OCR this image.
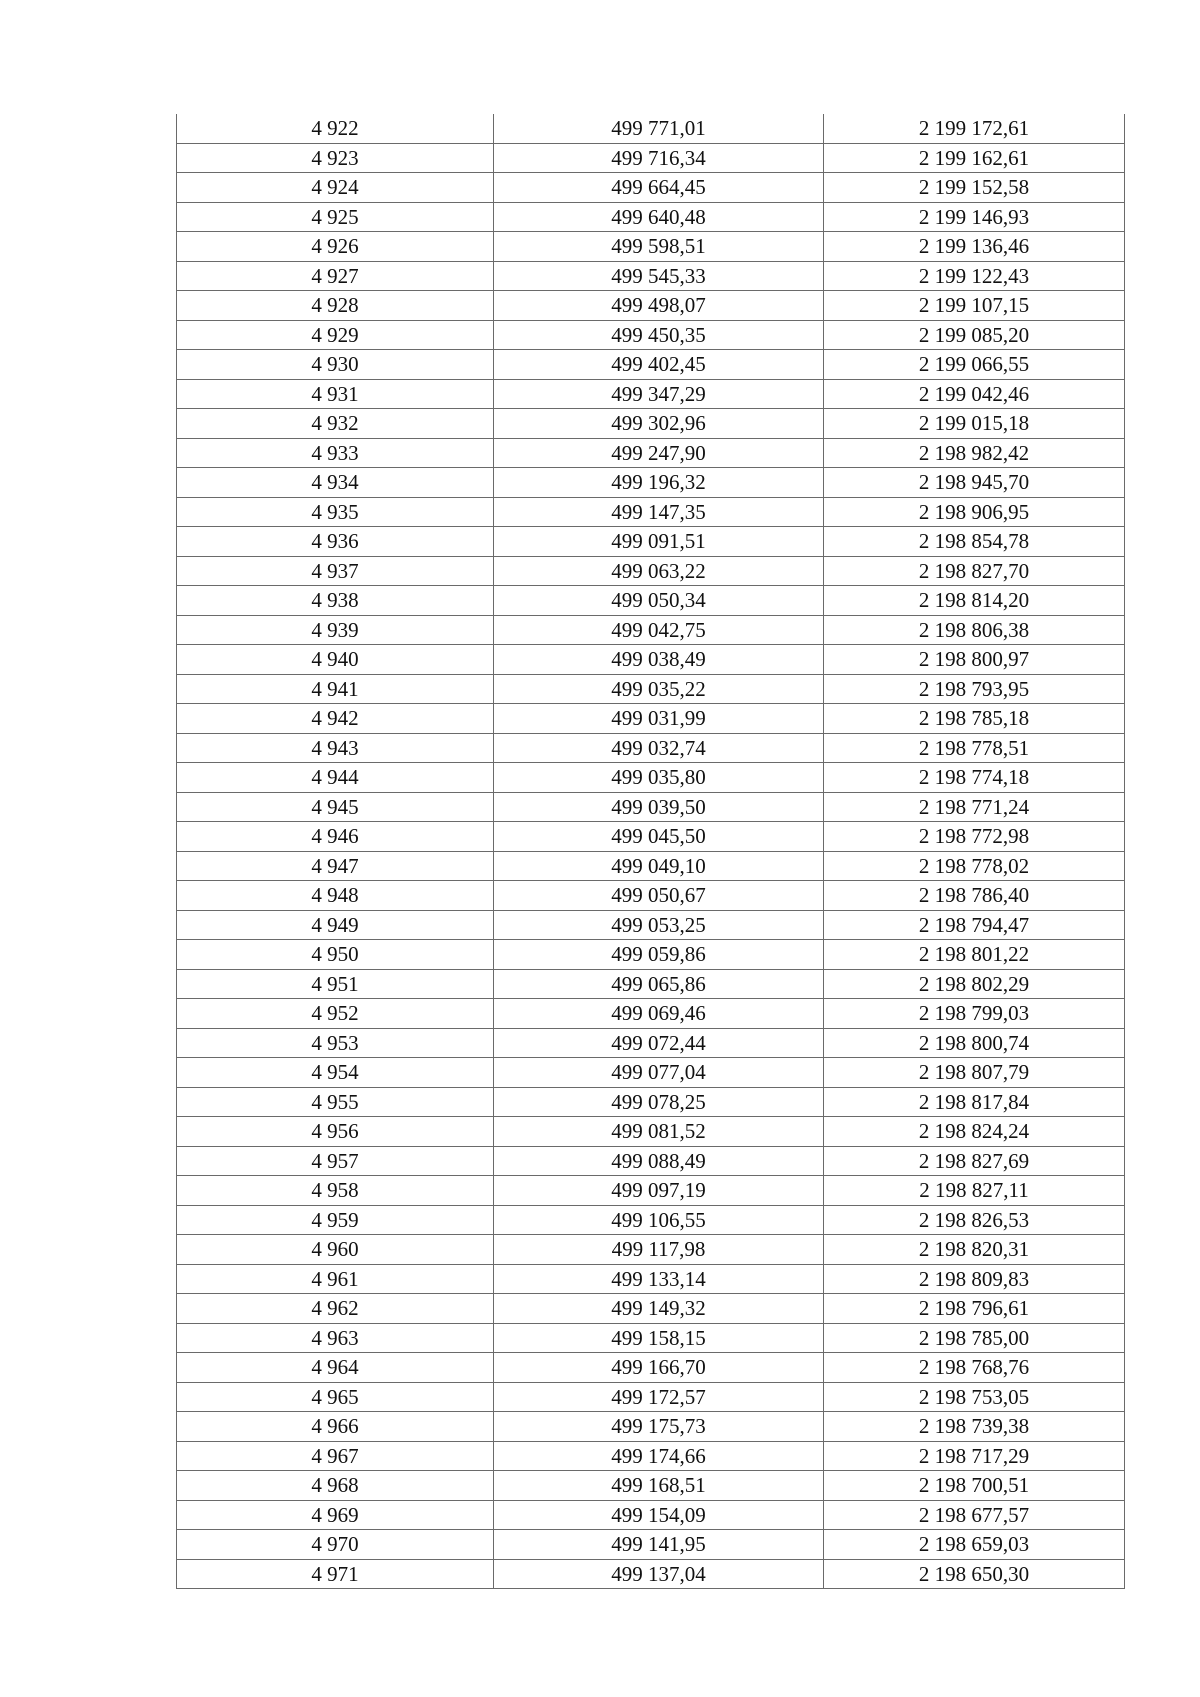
4 922	499 771,01	2 199 172,61
4 923	499 716,34	2 199 162,61
4 924	499 664,45	2 199 152,58
4 925	499 640,48	2 199 146,93
4 926	499 598,51	2 199 136,46
4 927	499 545,33	2 199 122,43
4 928	499 498,07	2 199 107,15
4 929	499 450,35	2 199 085,20
4 930	499 402,45	2 199 066,55
4 931	499 347,29	2 199 042,46
4 932	499 302,96	2 199 015,18
4 933	499 247,90	2 198 982,42
4 934	499 196,32	2 198 945,70
4 935	499 147,35	2 198 906,95
4 936	499 091,51	2 198 854,78
4 937	499 063,22	2 198 827,70
4 938	499 050,34	2 198 814,20
4 939	499 042,75	2 198 806,38
4 940	499 038,49	2 198 800,97
4 941	499 035,22	2 198 793,95
4 942	499 031,99	2 198 785,18
4 943	499 032,74	2 198 778,51
4 944	499 035,80	2 198 774,18
4 945	499 039,50	2 198 771,24
4 946	499 045,50	2 198 772,98
4 947	499 049,10	2 198 778,02
4 948	499 050,67	2 198 786,40
4 949	499 053,25	2 198 794,47
4 950	499 059,86	2 198 801,22
4 951	499 065,86	2 198 802,29
4 952	499 069,46	2 198 799,03
4 953	499 072,44	2 198 800,74
4 954	499 077,04	2 198 807,79
4 955	499 078,25	2 198 817,84
4 956	499 081,52	2 198 824,24
4 957	499 088,49	2 198 827,69
4 958	499 097,19	2 198 827,11
4 959	499 106,55	2 198 826,53
4 960	499 117,98	2 198 820,31
4 961	499 133,14	2 198 809,83
4 962	499 149,32	2 198 796,61
4 963	499 158,15	2 198 785,00
4 964	499 166,70	2 198 768,76
4 965	499 172,57	2 198 753,05
4 966	499 175,73	2 198 739,38
4 967	499 174,66	2 198 717,29
4 968	499 168,51	2 198 700,51
4 969	499 154,09	2 198 677,57
4 970	499 141,95	2 198 659,03
4 971	499 137,04	2 198 650,30
